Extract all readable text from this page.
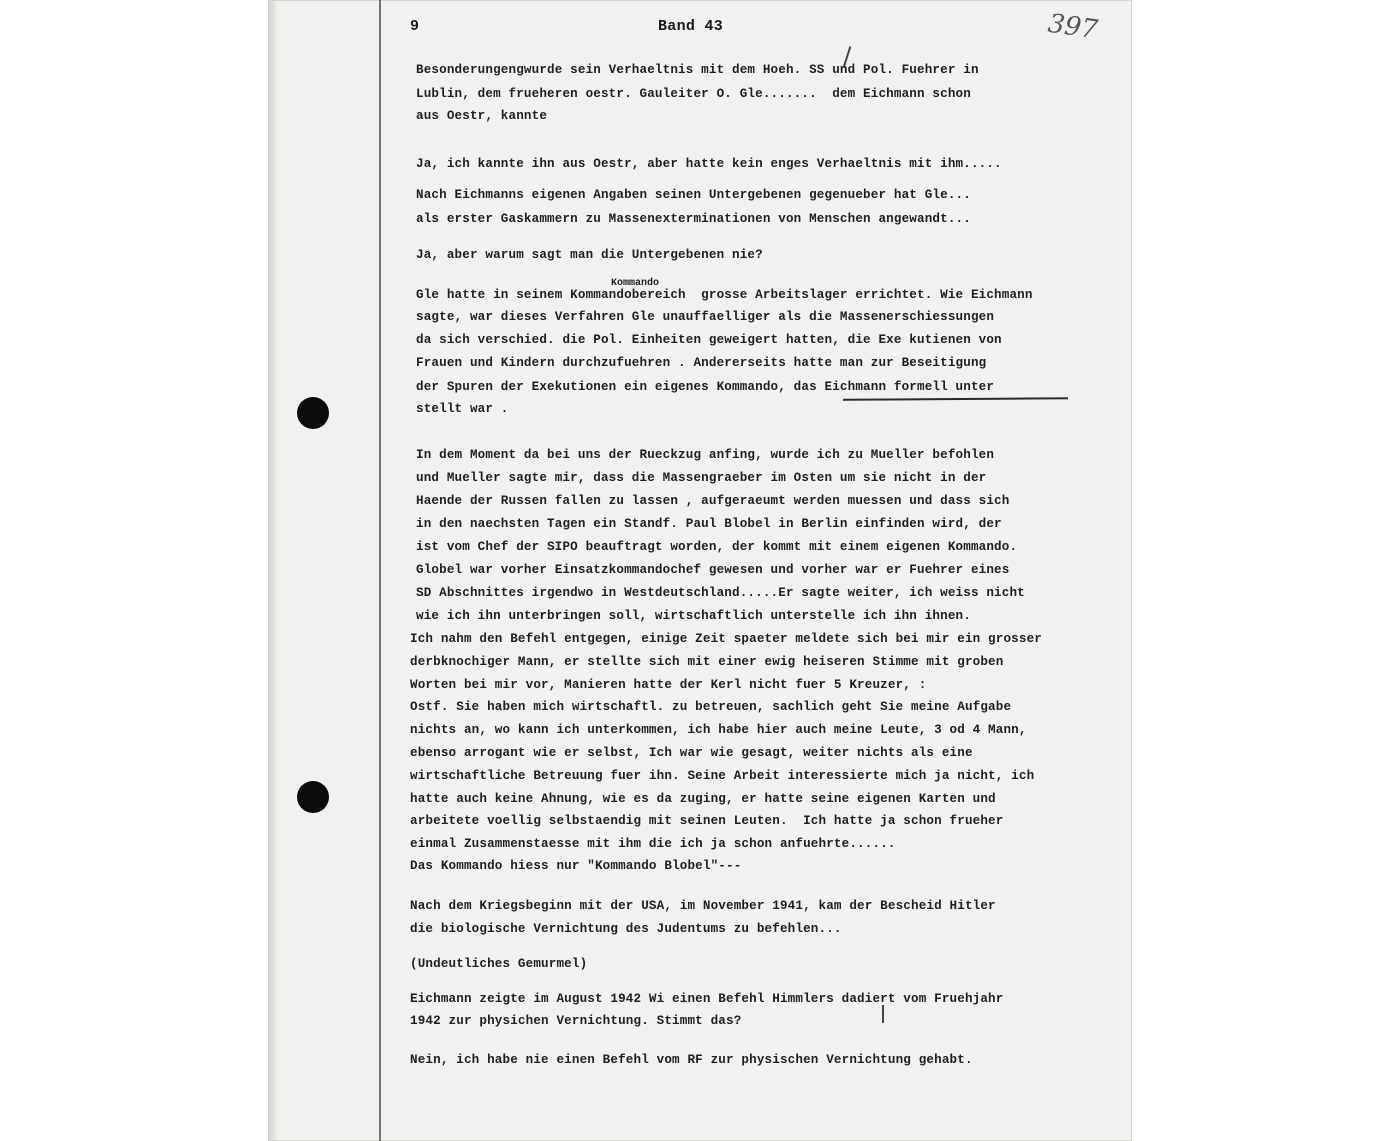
9	Band 43	397
Kommando
Besonderungengwurde sein Verhaeltnis mit dem Hoeh. SS und Pol. Fuehrer in
Lublin, dem frueheren oestr. Gauleiter O. Gle.......  dem Eichmann schon
aus Oestr, kannte
Ja, ich kannte ihn aus Oestr, aber hatte kein enges Verhaeltnis mit ihm.....
Nach Eichmanns eigenen Angaben seinen Untergebenen gegenueber hat Gle...
als erster Gaskammern zu Massenexterminationen von Menschen angewandt...
Ja, aber warum sagt man die Untergebenen nie?
Gle hatte in seinem Kommandobereich  grosse Arbeitslager errichtet. Wie Eichmann
sagte, war dieses Verfahren Gle unauffaelliger als die Massenerschiessungen
da sich verschied. die Pol. Einheiten geweigert hatten, die Exe kutienen von
Frauen und Kindern durchzufuehren . Andererseits hatte man zur Beseitigung
der Spuren der Exekutionen ein eigenes Kommando, das Eichmann formell unter
stellt war .
In dem Moment da bei uns der Rueckzug anfing, wurde ich zu Mueller befohlen
und Mueller sagte mir, dass die Massengraeber im Osten um sie nicht in der
Haende der Russen fallen zu lassen , aufgeraeumt werden muessen und dass sich
in den naechsten Tagen ein Standf. Paul Blobel in Berlin einfinden wird, der
ist vom Chef der SIPO beauftragt worden, der kommt mit einem eigenen Kommando.
Globel war vorher Einsatzkommandochef gewesen und vorher war er Fuehrer eines
SD Abschnittes irgendwo in Westdeutschland.....Er sagte weiter, ich weiss nicht
wie ich ihn unterbringen soll, wirtschaftlich unterstelle ich ihn ihnen.
Ich nahm den Befehl entgegen, einige Zeit spaeter meldete sich bei mir ein grosser
derbknochiger Mann, er stellte sich mit einer ewig heiseren Stimme mit groben
Worten bei mir vor, Manieren hatte der Kerl nicht fuer 5 Kreuzer, :
Ostf. Sie haben mich wirtschaftl. zu betreuen, sachlich geht Sie meine Aufgabe
nichts an, wo kann ich unterkommen, ich habe hier auch meine Leute, 3 od 4 Mann,
ebenso arrogant wie er selbst, Ich war wie gesagt, weiter nichts als eine
wirtschaftliche Betreuung fuer ihn. Seine Arbeit interessierte mich ja nicht, ich
hatte auch keine Ahnung, wie es da zuging, er hatte seine eigenen Karten und
arbeitete voellig selbstaendig mit seinen Leuten.  Ich hatte ja schon frueher
einmal Zusammenstaesse mit ihm die ich ja schon anfuehrte......
Das Kommando hiess nur "Kommando Blobel"---
Nach dem Kriegsbeginn mit der USA, im November 1941, kam der Bescheid Hitler
die biologische Vernichtung des Judentums zu befehlen...
(Undeutliches Gemurmel)
Eichmann zeigte im August 1942 Wi einen Befehl Himmlers dadiert vom Fruehjahr
1942 zur physichen Vernichtung. Stimmt das?
Nein, ich habe nie einen Befehl vom RF zur physischen Vernichtung gehabt.
